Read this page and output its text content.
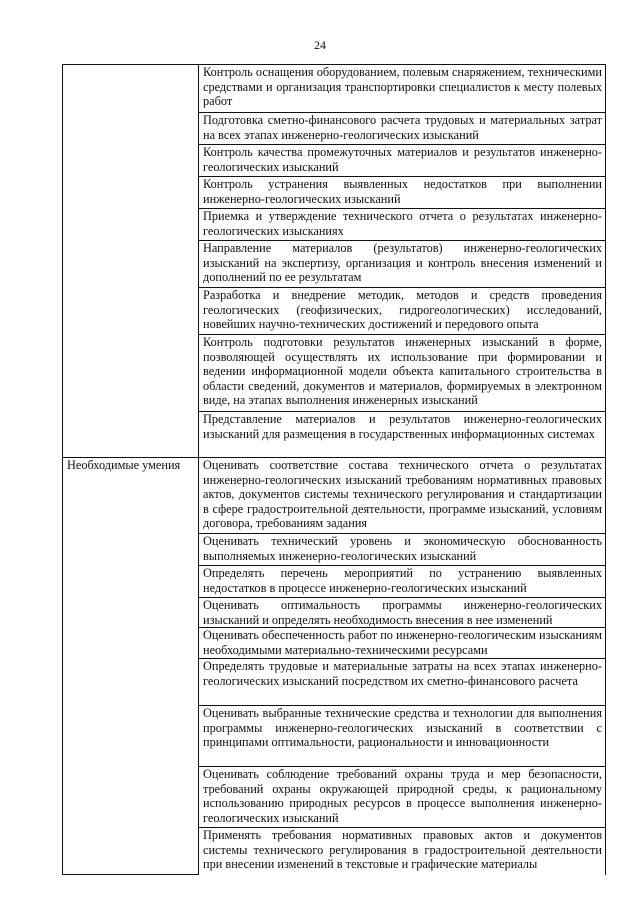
24
	Контроль оснащения оборудованием, полевым снаряжением, техническими средствами и организация транспортировки специалистов к месту полевых работ
	Подготовка сметно-финансового расчета трудовых и материальных затрат на всех этапах инженерно-геологических изысканий
	Контроль качества промежуточных материалов и результатов инженерно-геологических изысканий
	Контроль устранения выявленных недостатков при выполнении инженерно-геологических изысканий
	Приемка и утверждение технического отчета о результатах инженерно-геологических изысканиях
	Направление материалов (результатов) инженерно-геологических изысканий на экспертизу, организация и контроль внесения изменений и дополнений по ее результатам
	Разработка и внедрение методик, методов и средств проведения геологических (геофизических, гидрогеологических) исследований, новейших научно-технических достижений и передового опыта
	Контроль подготовки результатов инженерных изысканий в форме, позволяющей осуществлять их использование при формировании и ведении информационной модели объекта капитального строительства в области сведений, документов и материалов, формируемых в электронном виде, на этапах выполнения инженерных изысканий
	Представление материалов и результатов инженерно-геологических изысканий для размещения в государственных информационных системах
Необходимые умения	Оценивать соответствие состава технического отчета о результатах инженерно-геологических изысканий требованиям нормативных правовых актов, документов системы технического регулирования и стандартизации в сфере градостроительной деятельности, программе изысканий, условиям договора, требованиям задания
	Оценивать технический уровень и экономическую обоснованность выполняемых инженерно-геологических изысканий
	Определять перечень мероприятий по устранению выявленных недостатков в процессе инженерно-геологических изысканий
	Оценивать оптимальность программы инженерно-геологических изысканий и определять необходимость внесения в нее изменений
	Оценивать обеспеченность работ по инженерно-геологическим изысканиям необходимыми материально-техническими ресурсами
	Определять трудовые и материальные затраты на всех этапах инженерно-геологических изысканий посредством их сметно-финансового расчета
	Оценивать выбранные технические средства и технологии для выполнения программы инженерно-геологических изысканий в соответствии с принципами оптимальности, рациональности и инновационности
	Оценивать соблюдение требований охраны труда и мер безопасности, требований охраны окружающей природной среды, к рациональному использованию природных ресурсов в процессе выполнения инженерно-геологических изысканий
	Применять требования нормативных правовых актов и документов системы технического регулирования в градостроительной деятельности при внесении изменений в текстовые и графические материалы
